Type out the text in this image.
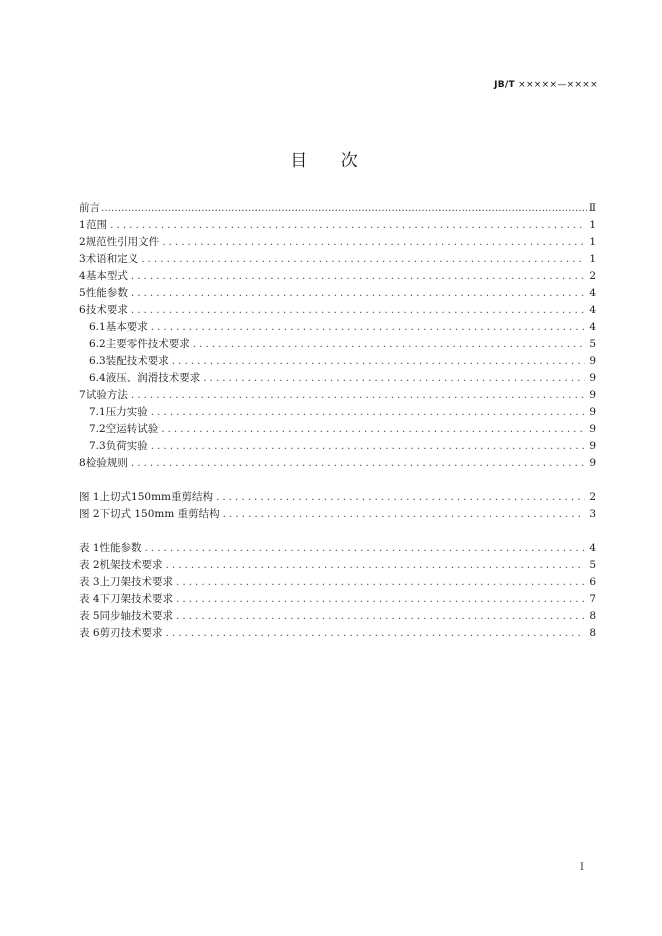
JB/T ×××××—××××
目 次
前言 .....	Ⅱ
1 范围 .....	1
2 规范性引用文件 .....	1
3 术语和定义 .....	1
4 基本型式 .....	2
5 性能参数 .....	4
6 技术要求 .....	4
6.1 基本要求 .....	4
6.2 主要零件技术要求 .....	5
6.3 装配技术要求 .....	9
6.4 液压、润滑技术要求 .....	9
7 试验方法 .....	9
7.1 压力实验 .....	9
7.2 空运转试验 .....	9
7.3 负荷实验 .....	9
8 检验规则 .....	9
图 1 上切式150mm重剪结构 .....	2
图 2 下切式 150mm 重剪结构 .....	3
表 1 性能参数 .....	4
表 2 机架技术要求 .....	5
表 3 上刀架技术要求 .....	6
表 4 下刀架技术要求 .....	7
表 5 同步轴技术要求 .....	8
表 6 剪刃技术要求 .....	8
I
